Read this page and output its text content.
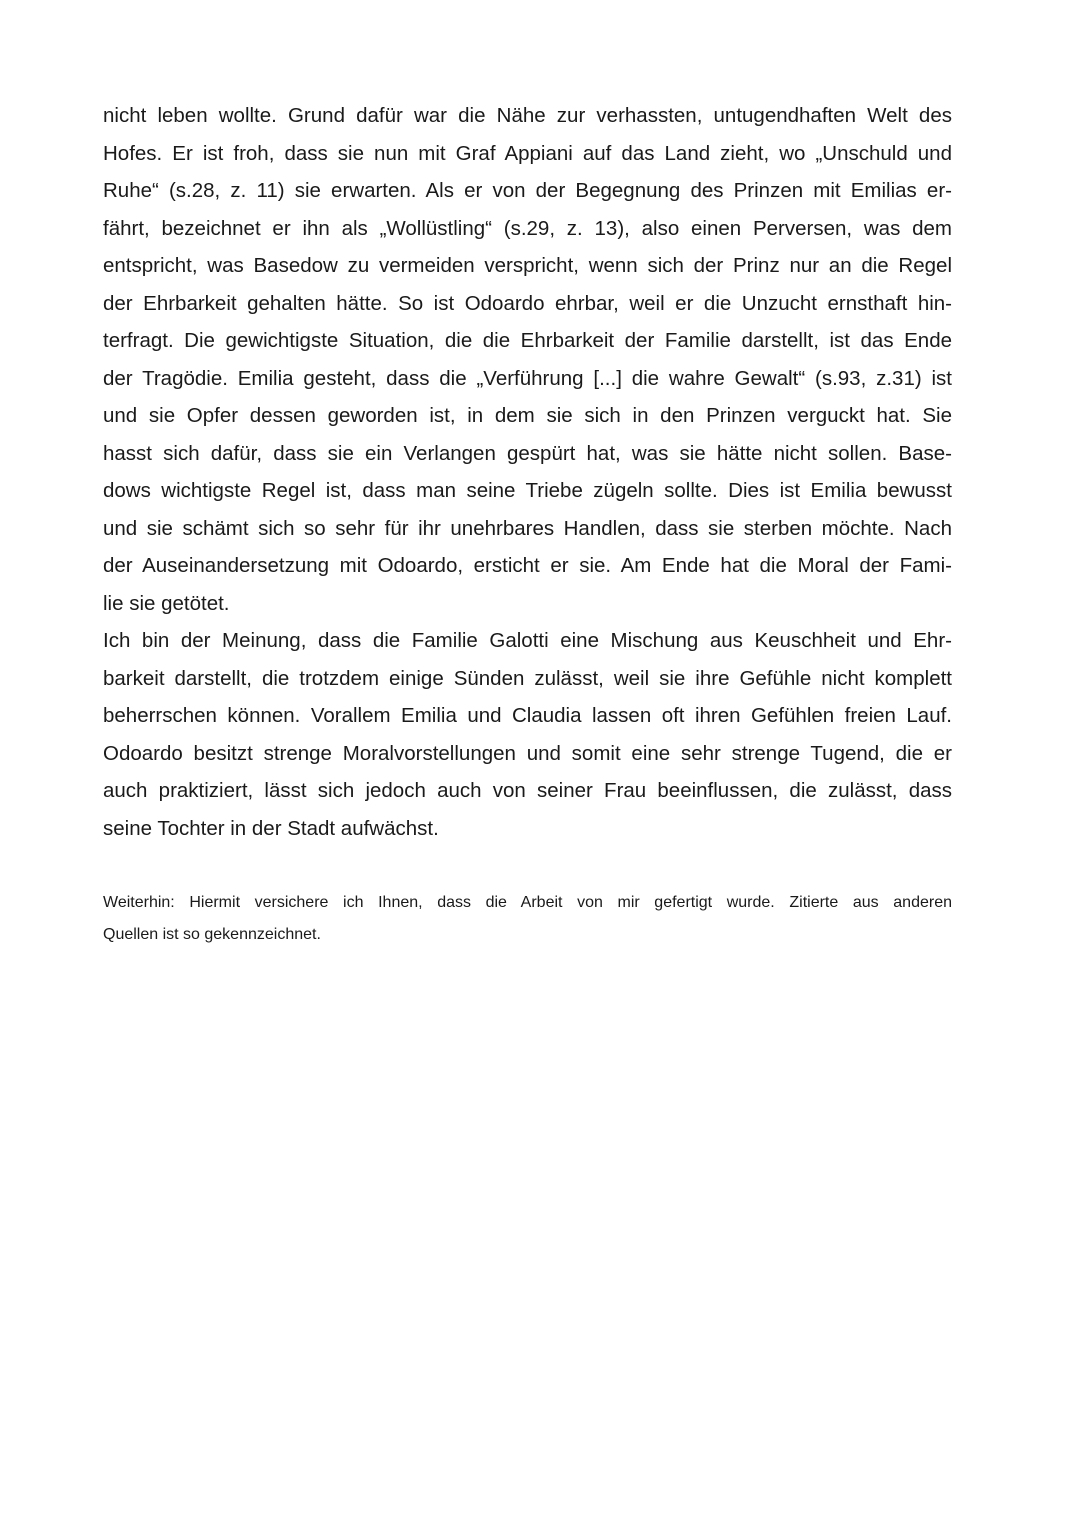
nicht leben wollte. Grund dafür war die Nähe zur verhassten, untugendhaften Welt des
Hofes. Er ist froh, dass sie nun mit Graf Appiani auf das Land zieht, wo „Unschuld und
Ruhe“ (s.28, z. 11) sie erwarten. Als er von der Begegnung des Prinzen mit Emilias er-
fährt, bezeichnet er ihn als „Wollüstling“ (s.29, z. 13), also einen Perversen, was dem
entspricht, was Basedow zu vermeiden verspricht, wenn sich der Prinz nur an die Regel
der Ehrbarkeit gehalten hätte. So ist Odoardo ehrbar, weil er die Unzucht ernsthaft hin-
terfragt. Die gewichtigste Situation, die die Ehrbarkeit der Familie darstellt, ist das Ende
der Tragödie. Emilia gesteht, dass die „Verführung [...] die wahre Gewalt“ (s.93, z.31) ist
und sie Opfer dessen geworden ist, in dem sie sich in den Prinzen verguckt hat. Sie
hasst sich dafür, dass sie ein Verlangen gespürt hat, was sie hätte nicht sollen. Base-
dows wichtigste Regel ist, dass man seine Triebe zügeln sollte. Dies ist Emilia bewusst
und sie schämt sich so sehr für ihr unehrbares Handlen, dass sie sterben möchte. Nach
der Auseinandersetzung mit Odoardo, ersticht er sie. Am Ende hat die Moral der Fami-
lie sie getötet.
Ich bin der Meinung, dass die Familie Galotti eine Mischung aus Keuschheit und Ehr-
barkeit darstellt, die trotzdem einige Sünden zulässt, weil sie ihre Gefühle nicht komplett
beherrschen können. Vorallem Emilia und Claudia lassen oft ihren Gefühlen freien Lauf.
Odoardo besitzt strenge Moralvorstellungen und somit eine sehr strenge Tugend, die er
auch praktiziert, lässt sich jedoch auch von seiner Frau beeinflussen, die zulässt, dass
seine Tochter in der Stadt aufwächst.
Weiterhin: Hiermit versichere ich Ihnen, dass die Arbeit von mir gefertigt wurde. Zitierte aus anderen
Quellen ist so gekennzeichnet.
